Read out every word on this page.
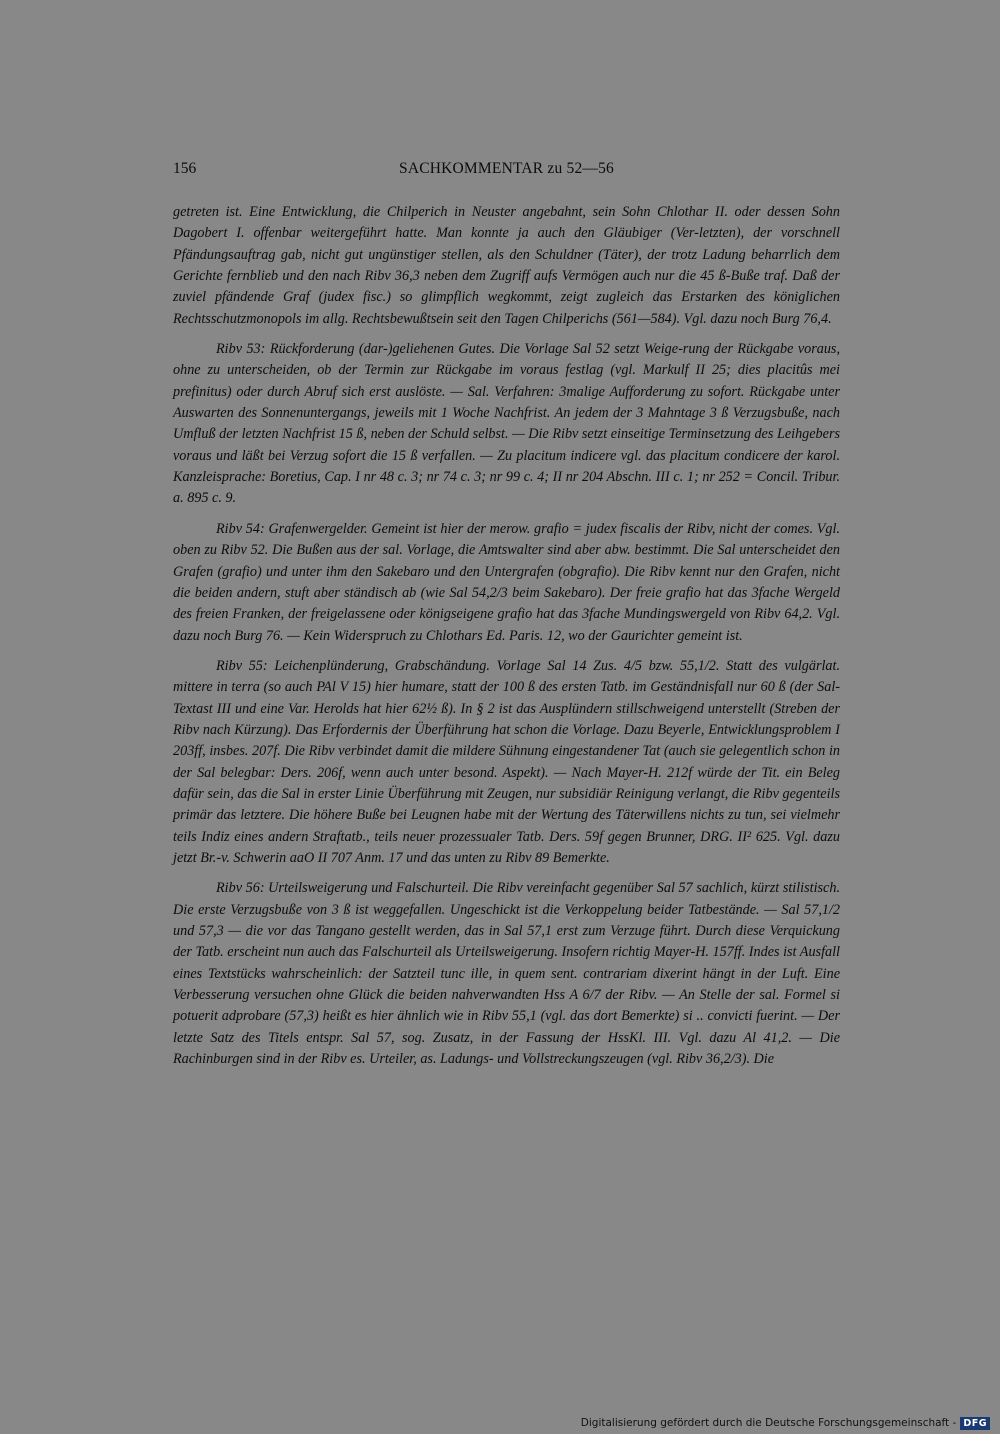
156	SACHKOMMENTAR zu 52—56

getreten ist. Eine Entwicklung, die Chilperich in Neuster angebahnt, sein Sohn Chlothar II. oder dessen Sohn Dagobert I. offenbar weitergeführt hatte. Man konnte ja auch den Gläubiger (Ver-letzten), der vorschnell Pfändungsauftrag gab, nicht gut ungünstiger stellen, als den Schuldner (Täter), der trotz Ladung beharrlich dem Gerichte fernblieb und den nach Ribv 36,3 neben dem Zugriff aufs Vermögen auch nur die 45 ß-Buße traf. Daß der zuviel pfändende Graf (judex fisc.) so glimpflich wegkommt, zeigt zugleich das Erstarken des königlichen Rechtsschutzmonopols im allg. Rechtsbewußtsein seit den Tagen Chilperichs (561—584). Vgl. dazu noch Burg 76,4.

Ribv 53: Rückforderung (dar-)geliehenen Gutes. Die Vorlage Sal 52 setzt Weige-rung der Rückgabe voraus, ohne zu unterscheiden, ob der Termin zur Rückgabe im voraus festlag (vgl. Markulf II 25; dies placitûs mei prefinitus) oder durch Abruf sich erst auslöste. — Sal. Verfahren: 3malige Aufforderung zu sofort. Rückgabe unter Auswarten des Sonnenuntergangs, jeweils mit 1 Woche Nachfrist. An jedem der 3 Mahntage 3 ß Verzugsbuße, nach Umfluß der letzten Nachfrist 15 ß, neben der Schuld selbst. — Die Ribv setzt einseitige Terminsetzung des Leihgebers voraus und läßt bei Verzug sofort die 15 ß verfallen. — Zu placitum indicere vgl. das placitum condicere der karol. Kanzleisprache: Boretius, Cap. I nr 48 c. 3; nr 74 c. 3; nr 99 c. 4; II nr 204 Abschn. III c. 1; nr 252 = Concil. Tribur. a. 895 c. 9.

Ribv 54: Grafenwergelder. Gemeint ist hier der merow. grafio = judex fiscalis der Ribv, nicht der comes. Vgl. oben zu Ribv 52. Die Bußen aus der sal. Vorlage, die Amtswalter sind aber abw. bestimmt. Die Sal unterscheidet den Grafen (grafio) und unter ihm den Sakebaro und den Untergrafen (obgrafio). Die Ribv kennt nur den Grafen, nicht die beiden andern, stuft aber ständisch ab (wie Sal 54,2/3 beim Sakebaro). Der freie grafio hat das 3fache Wergeld des freien Franken, der freigelassene oder königseigene grafio hat das 3fache Mundingswergeld von Ribv 64,2. Vgl. dazu noch Burg 76. — Kein Widerspruch zu Chlothars Ed. Paris. 12, wo der Gaurichter gemeint ist.

Ribv 55: Leichenplünderung, Grabschändung. Vorlage Sal 14 Zus. 4/5 bzw. 55,1/2. Statt des vulgärlat. mittere in terra (so auch PAl V 15) hier humare, statt der 100 ß des ersten Tatb. im Geständnisfall nur 60 ß (der Sal-Textast III und eine Var. Herolds hat hier 62½ ß). In § 2 ist das Ausplündern stillschweigend unterstellt (Streben der Ribv nach Kürzung). Das Erfordernis der Überführung hat schon die Vorlage. Dazu Beyerle, Entwicklungsproblem I 203ff, insbes. 207f. Die Ribv verbindet damit die mildere Sühnung eingestandener Tat (auch sie gelegentlich schon in der Sal belegbar: Ders. 206f, wenn auch unter besond. Aspekt). — Nach Mayer-H. 212f würde der Tit. ein Beleg dafür sein, das die Sal in erster Linie Überführung mit Zeugen, nur subsidiär Reinigung verlangt, die Ribv gegenteils primär das letztere. Die höhere Buße bei Leugnen habe mit der Wertung des Täterwillens nichts zu tun, sei vielmehr teils Indiz eines andern Straftatb., teils neuer prozessualer Tatb. Ders. 59f gegen Brunner, DRG. II² 625. Vgl. dazu jetzt Br.-v. Schwerin aaO II 707 Anm. 17 und das unten zu Ribv 89 Bemerkte.

Ribv 56: Urteilsweigerung und Falschurteil. Die Ribv vereinfacht gegenüber Sal 57 sachlich, kürzt stilistisch. Die erste Verzugsbuße von 3 ß ist weggefallen. Ungeschickt ist die Verkoppelung beider Tatbestände. — Sal 57,1/2 und 57,3 — die vor das Tangano gestellt werden, das in Sal 57,1 erst zum Verzuge führt. Durch diese Verquickung der Tatb. erscheint nun auch das Falschurteil als Urteilsweigerung. Insofern richtig Mayer-H. 157ff. Indes ist Ausfall eines Textstücks wahrscheinlich: der Satzteil tunc ille, in quem sent. contrariam dixerint hängt in der Luft. Eine Verbesserung versuchen ohne Glück die beiden nahverwandten Hss A 6/7 der Ribv. — An Stelle der sal. Formel si potuerit adprobare (57,3) heißt es hier ähnlich wie in Ribv 55,1 (vgl. das dort Bemerkte) si .. convicti fuerint. — Der letzte Satz des Titels entspr. Sal 57, sog. Zusatz, in der Fassung der HssKl. III. Vgl. dazu Al 41,2. — Die Rachinburgen sind in der Ribv es. Urteiler, as. Ladungs- und Vollstreckungszeugen (vgl. Ribv 36,2/3). Die

Digitalisierung gefördert durch die Deutsche Forschungsgemeinschaft - DFG
